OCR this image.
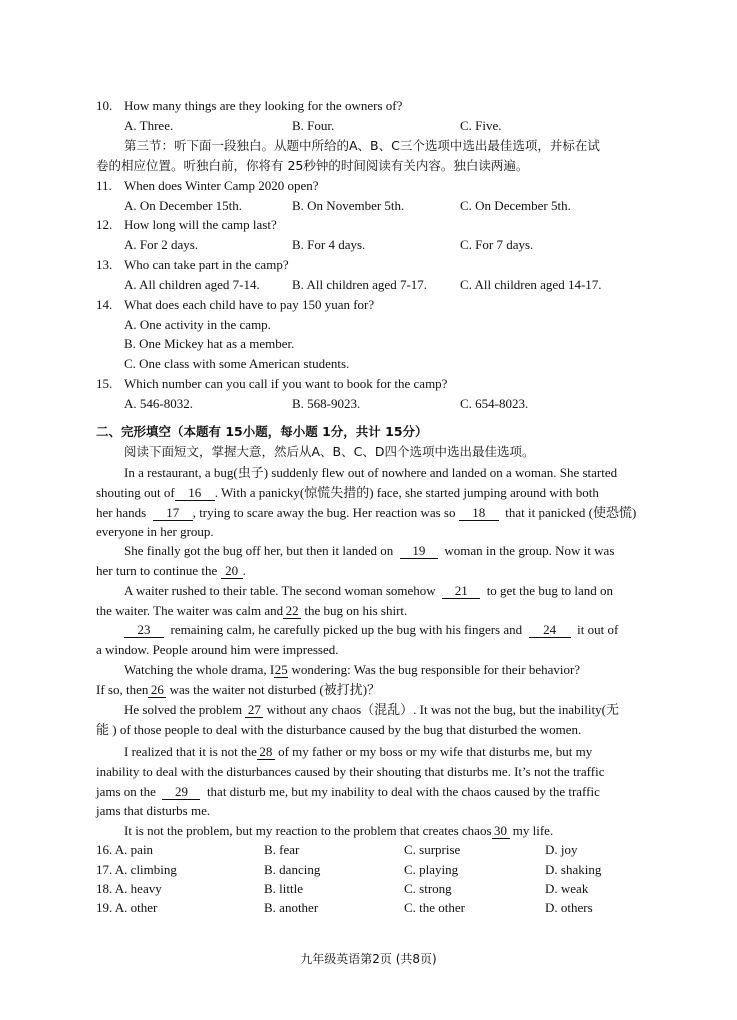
10. How many things are they looking for the owners of?
A. Three.	B. Four.	C. Five.
第三节：听下面一段独白。从题中所给的A、B、C三个选项中选出最佳选项，并标在试
卷的相应位置。听独白前，你将有 25秒钟的时间阅读有关内容。独白读两遍。
11. When does Winter Camp 2020 open?
A. On December 15th.	B. On November 5th.	C. On December 5th.
12. How long will the camp last?
A. For 2 days.	B. For 4 days.	C. For 7 days.
13. Who can take part in the camp?
A. All children aged 7-14. B. All children aged 7-17.	C. All children aged 14-17.
14. What does each child have to pay 150 yuan for?
A. One activity in the camp.
B. One Mickey hat as a member.
C. One class with some American students.
15. Which number can you call if you want to book for the camp?
A. 546-8032.	B. 568-9023.	C. 654-8023.
二、完形填空（本题有 15小题，每小题 1分，共计 15分）
阅读下面短文，掌握大意，然后从A、B、C、D四个选项中选出最佳选项。
In a restaurant, a bug(虫子) suddenly flew out of nowhere and landed on a woman. She started
shouting out of 16 . With a panicky(惊慌失措的) face, she started jumping around with both
her hands 17 , trying to scare away the bug. Her reaction was so 18 that it panicked (使恐慌)
everyone in her group.
She finally got the bug off her, but then it landed on 19 woman in the group. Now it was
her turn to continue the 20 .
A waiter rushed to their table. The second woman somehow 21 to get the bug to land on
the waiter. The waiter was calm and 22 the bug on his shirt.
23 remaining calm, he carefully picked up the bug with his fingers and 24 it out of
a window. People around him were impressed.
Watching the whole drama, I25 wondering: Was the bug responsible for their behavior?
If so, then 26 was the waiter not disturbed (被打扰)？
He solved the problem 27 without any chaos（混乱）. It was not the bug, but the inability(无
能 ) of those people to deal with the disturbance caused by the bug that disturbed the women.
I realized that it is not the 28 of my father or my boss or my wife that disturbs me, but my
inability to deal with the disturbances caused by their shouting that disturbs me. It’s not the traffic
jams on the 29 that disturb me, but my inability to deal with the chaos caused by the traffic
jams that disturbs me.
It is not the problem, but my reaction to the problem that creates chaos 30 my life.
16. A. pain	B. fear	C. surprise	D. joy
17. A. climbing	B. dancing	C. playing	D. shaking
18. A. heavy	B. little	C. strong	D. weak
19. A. other	B. another	C. the other	D. others
九年级英语第2页 (共8页)
